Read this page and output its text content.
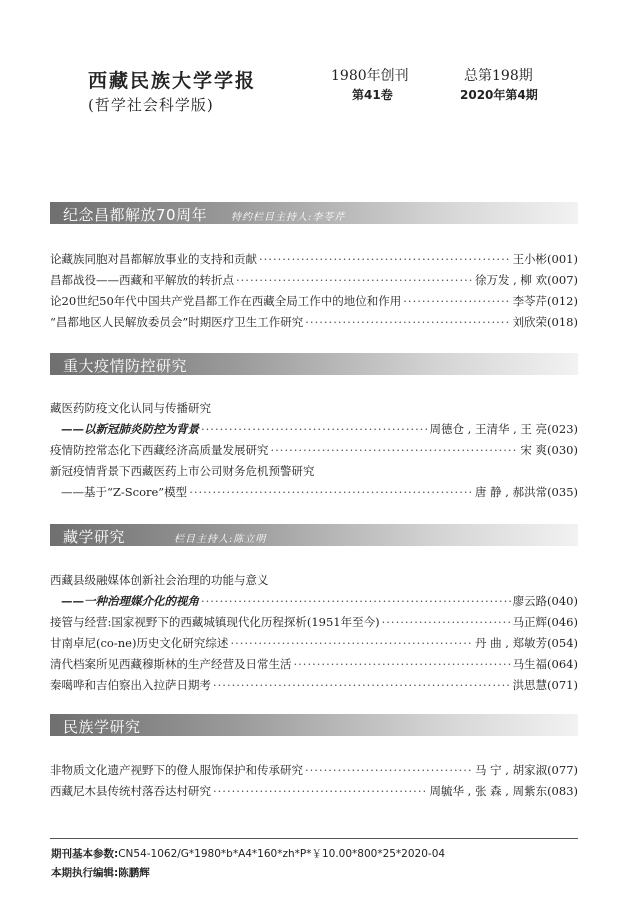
西藏民族大学学报
(哲学社会科学版)
1980年创刊	总第198期
第41卷	2020年第4期
纪念昌都解放70周年 特约栏目主持人:李苓芹
论藏族同胞对昌都解放事业的支持和贡献 ·····	王小彬(001)
昌都战役——西藏和平解放的转折点 ·····	徐万发 , 柳 欢(007)
论20世纪50年代中国共产党昌都工作在西藏全局工作中的地位和作用 ·····	李苓芹(012)
“昌都地区人民解放委员会”时期医疗卫生工作研究 ·····	刘欣荣(018)
重大疫情防控研究
藏医药防疫文化认同与传播研究
——以新冠肺炎防控为背景 ·····	周德仓 , 王清华 , 王 亮(023)
疫情防控常态化下西藏经济高质量发展研究 ·····	宋 爽(030)
新冠疫情背景下西藏医药上市公司财务危机预警研究
——基于“Z-Score”模型 ·····	唐 静 , 郝洪常(035)
藏学研究	栏目主持人:陈立明
西藏县级融媒体创新社会治理的功能与意义
——一种治理媒介化的视角 ·····	廖云路(040)
接管与经营:国家视野下的西藏城镇现代化历程探析(1951年至今) ·····	马正辉(046)
甘南卓尼(co-ne)历史文化研究综述 ·····	丹 曲 , 郑敏芳(054)
清代档案所见西藏穆斯林的生产经营及日常生活 ·····	马生福(064)
秦噶哗和吉伯察出入拉萨日期考 ·····	洪思慧(071)
民族学研究
非物质文化遗产视野下的僜人服饰保护和传承研究 ·····	马 宁 , 胡家淑(077)
西藏尼木县传统村落吞达村研究 ·····	周毓华 , 张 森 , 周紫东(083)
期刊基本参数:CN54-1062/G*1980*b*A4*160*zh*P*￥10.00*800*25*2020-04
本期执行编辑:陈鹏辉
